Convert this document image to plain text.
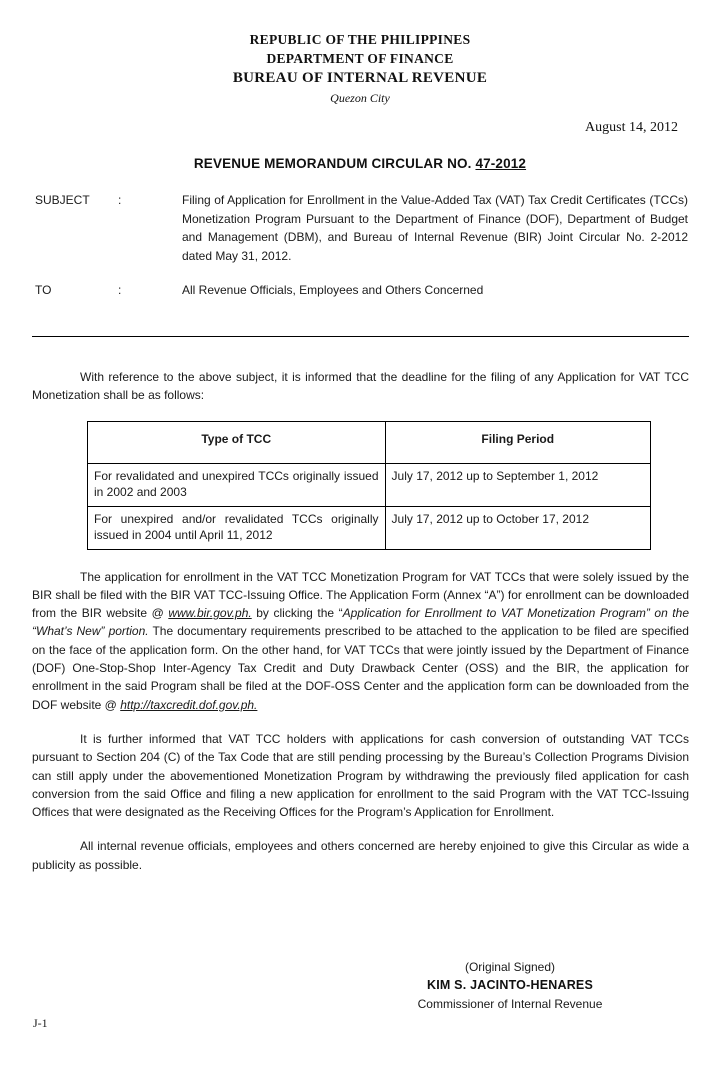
REPUBLIC OF THE PHILIPPINES
DEPARTMENT OF FINANCE
BUREAU OF INTERNAL REVENUE
Quezon City
August 14, 2012
REVENUE MEMORANDUM CIRCULAR NO. 47-2012
SUBJECT	:	Filing of Application for Enrollment in the Value-Added Tax (VAT) Tax Credit Certificates (TCCs) Monetization Program Pursuant to the Department of Finance (DOF), Department of Budget and Management (DBM), and Bureau of Internal Revenue (BIR) Joint Circular No. 2-2012 dated May 31, 2012.
TO	:	All Revenue Officials, Employees and Others Concerned

With reference to the above subject, it is informed that the deadline for the filing of any Application for VAT TCC Monetization shall be as follows:

Type of TCC	Filing Period
For revalidated and unexpired TCCs originally issued in 2002 and 2003	July 17, 2012 up to September 1, 2012
For unexpired and/or revalidated TCCs originally issued in 2004 until April 11, 2012	July 17, 2012 up to October 17, 2012

The application for enrollment in the VAT TCC Monetization Program for VAT TCCs that were solely issued by the BIR shall be filed with the BIR VAT TCC-Issuing Office. The Application Form (Annex “A”) for enrollment can be downloaded from the BIR website @ www.bir.gov.ph. by clicking the “Application for Enrollment to VAT Monetization Program” on the “What’s New” portion. The documentary requirements prescribed to be attached to the application to be filed are specified on the face of the application form. On the other hand, for VAT TCCs that were jointly issued by the Department of Finance (DOF) One-Stop-Shop Inter-Agency Tax Credit and Duty Drawback Center (OSS) and the BIR, the application for enrollment in the said Program shall be filed at the DOF-OSS Center and the application form can be downloaded from the DOF website @ http://taxcredit.dof.gov.ph.

It is further informed that VAT TCC holders with applications for cash conversion of outstanding VAT TCCs pursuant to Section 204 (C) of the Tax Code that are still pending processing by the Bureau’s Collection Programs Division can still apply under the abovementioned Monetization Program by withdrawing the previously filed application for cash conversion from the said Office and filing a new application for enrollment to the said Program with the VAT TCC-Issuing Offices that were designated as the Receiving Offices for the Program’s Application for Enrollment.

All internal revenue officials, employees and others concerned are hereby enjoined to give this Circular as wide a publicity as possible.

(Original Signed)
KIM S. JACINTO-HENARES
Commissioner of Internal Revenue
J-1
